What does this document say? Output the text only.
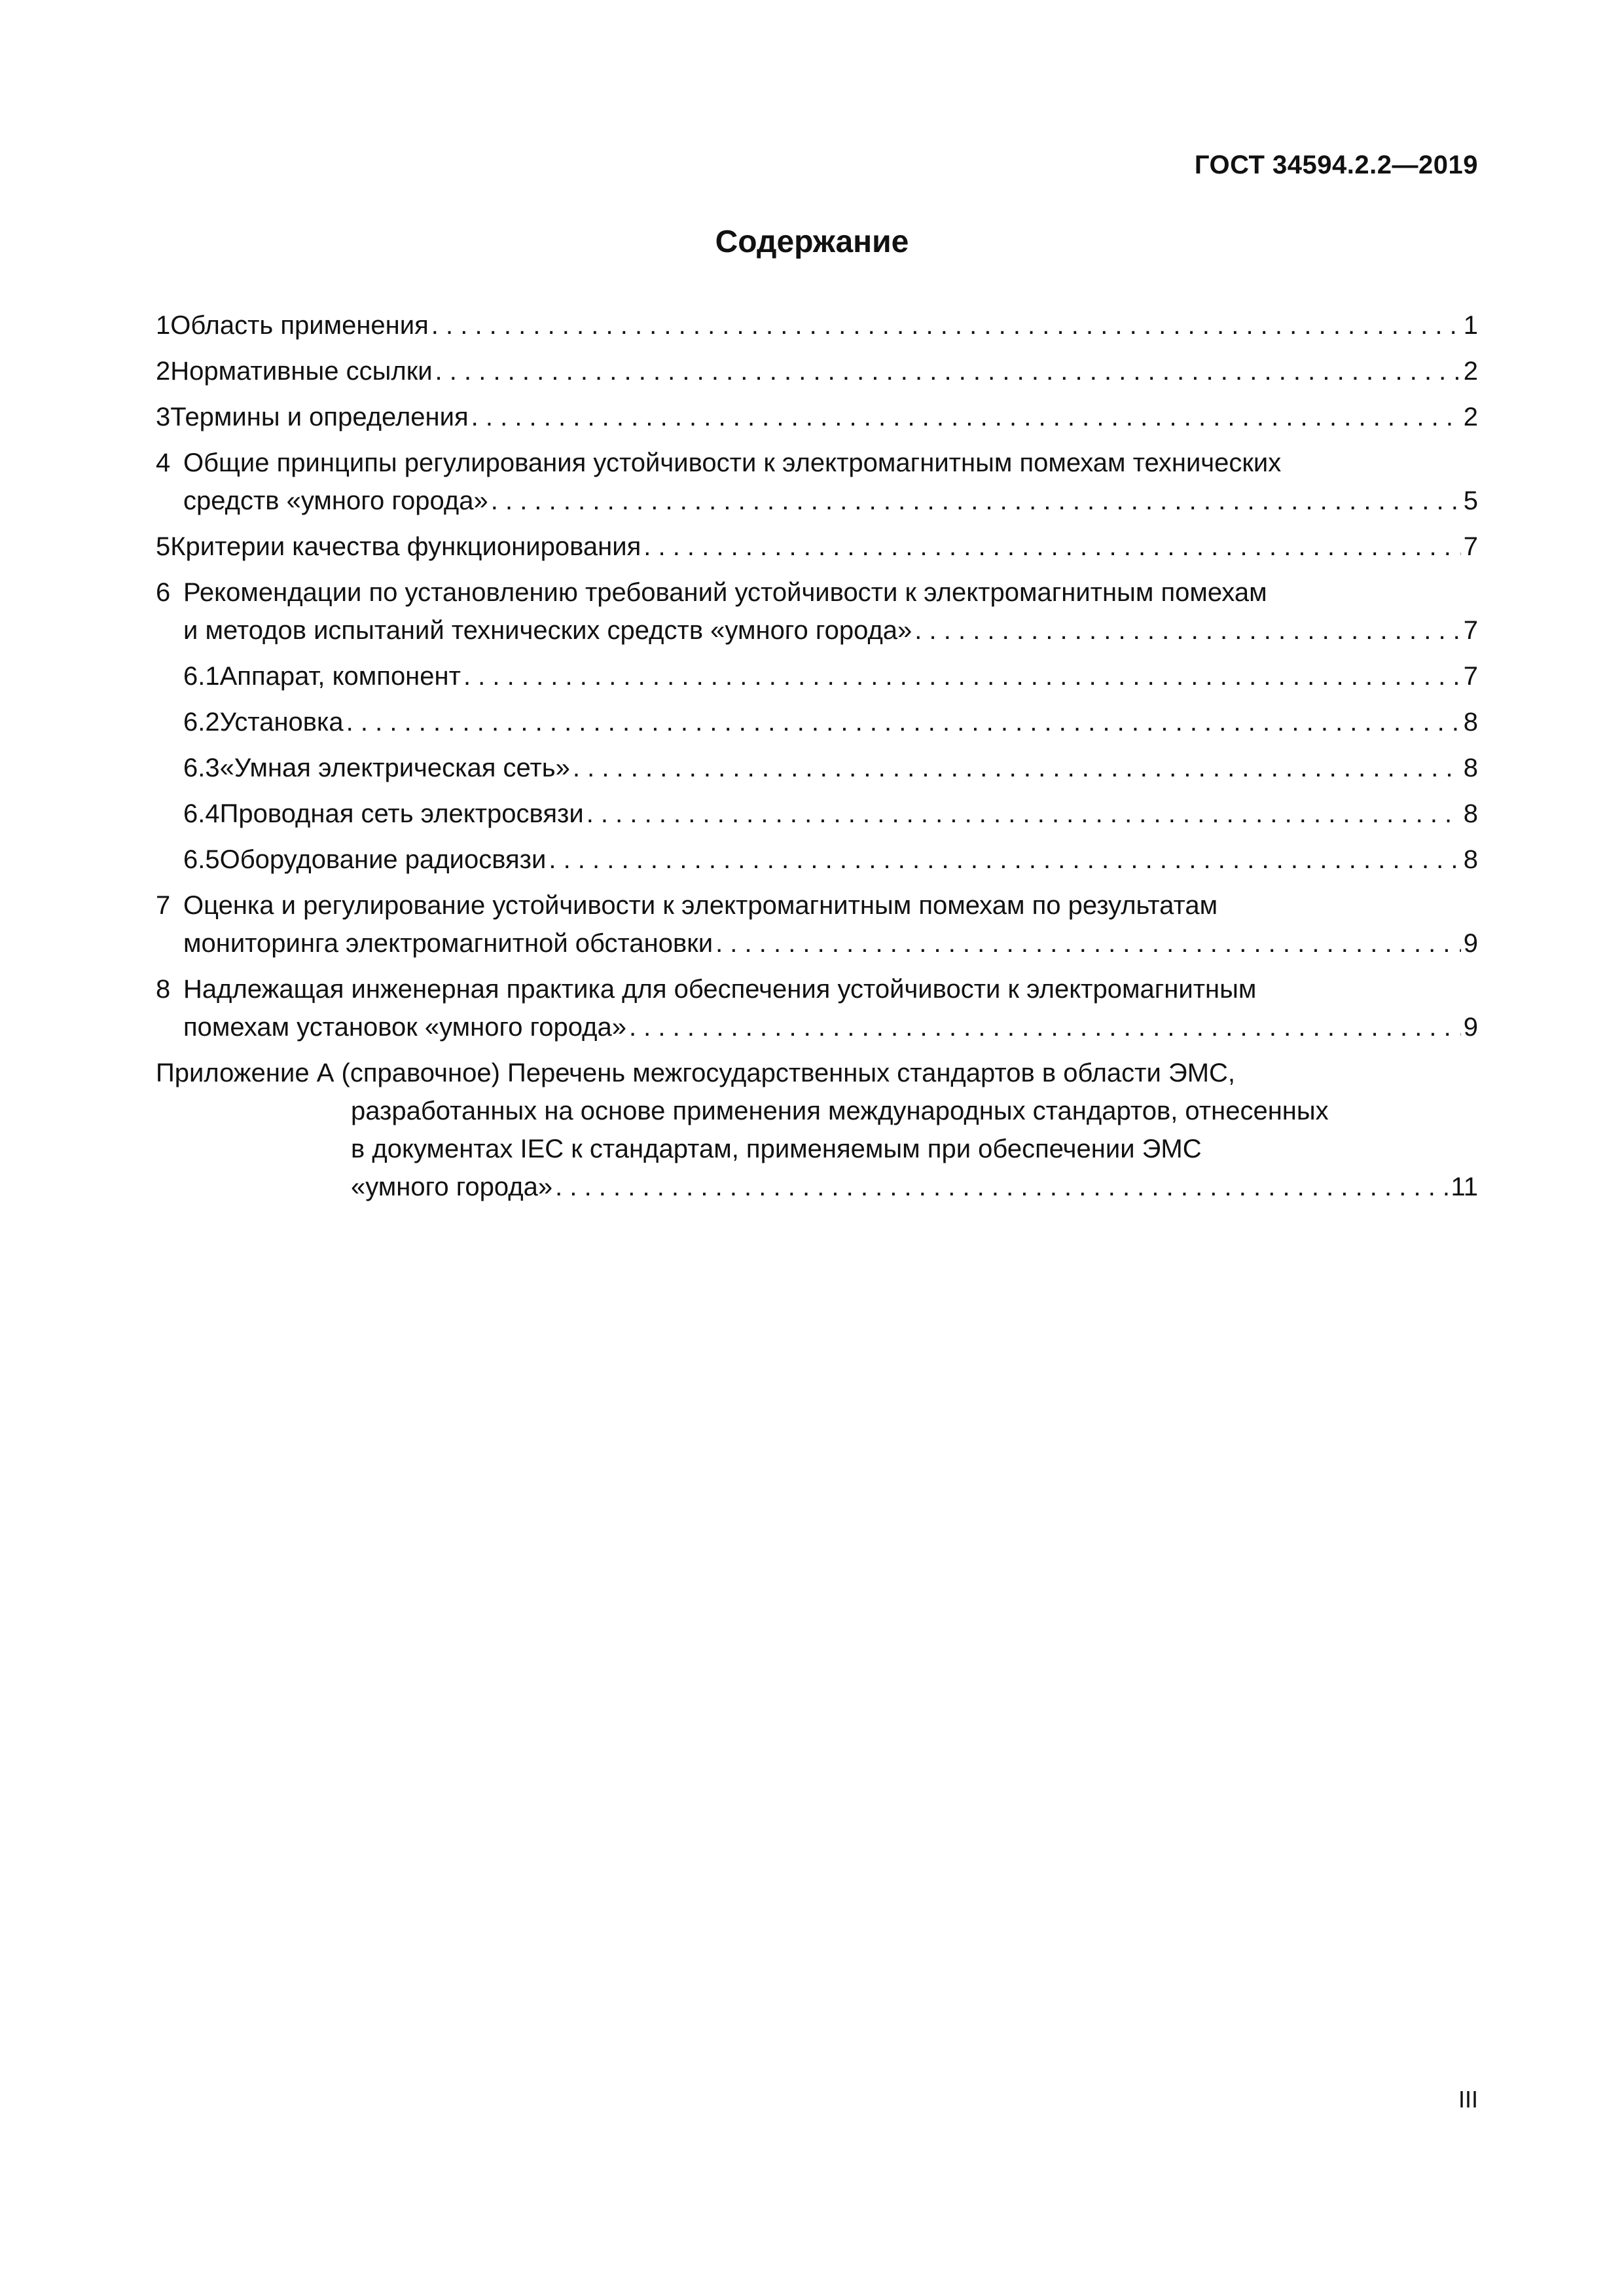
ГОСТ 34594.2.2—2019
Содержание
1 Область применения . . .	1
2 Нормативные ссылки . . .	2
3 Термины и определения . . .	2
4 Общие принципы регулирования устойчивости к электромагнитным помехам технических
средств «умного города» . . .	5
5 Критерии качества функционирования . . .	7
6 Рекомендации по установлению требований устойчивости к электромагнитным помехам
и методов испытаний технических средств «умного города» . . .	7
6.1 Аппарат, компонент . . .	7
6.2 Установка . . .	8
6.3 «Умная электрическая сеть» . . .	8
6.4 Проводная сеть электросвязи . . .	8
6.5 Оборудование радиосвязи . . .	8
7 Оценка и регулирование устойчивости к электромагнитным помехам по результатам
мониторинга электромагнитной обстановки . . .	9
8 Надлежащая инженерная практика для обеспечения устойчивости к электромагнитным
помехам установок «умного города» . . .	9
Приложение А (справочное) Перечень межгосударственных стандартов в области ЭМС,
разработанных на основе применения международных стандартов, отнесенных
в документах IEC к стандартам, применяемым при обеспечении ЭМС
«умного города» . . .	11
III
